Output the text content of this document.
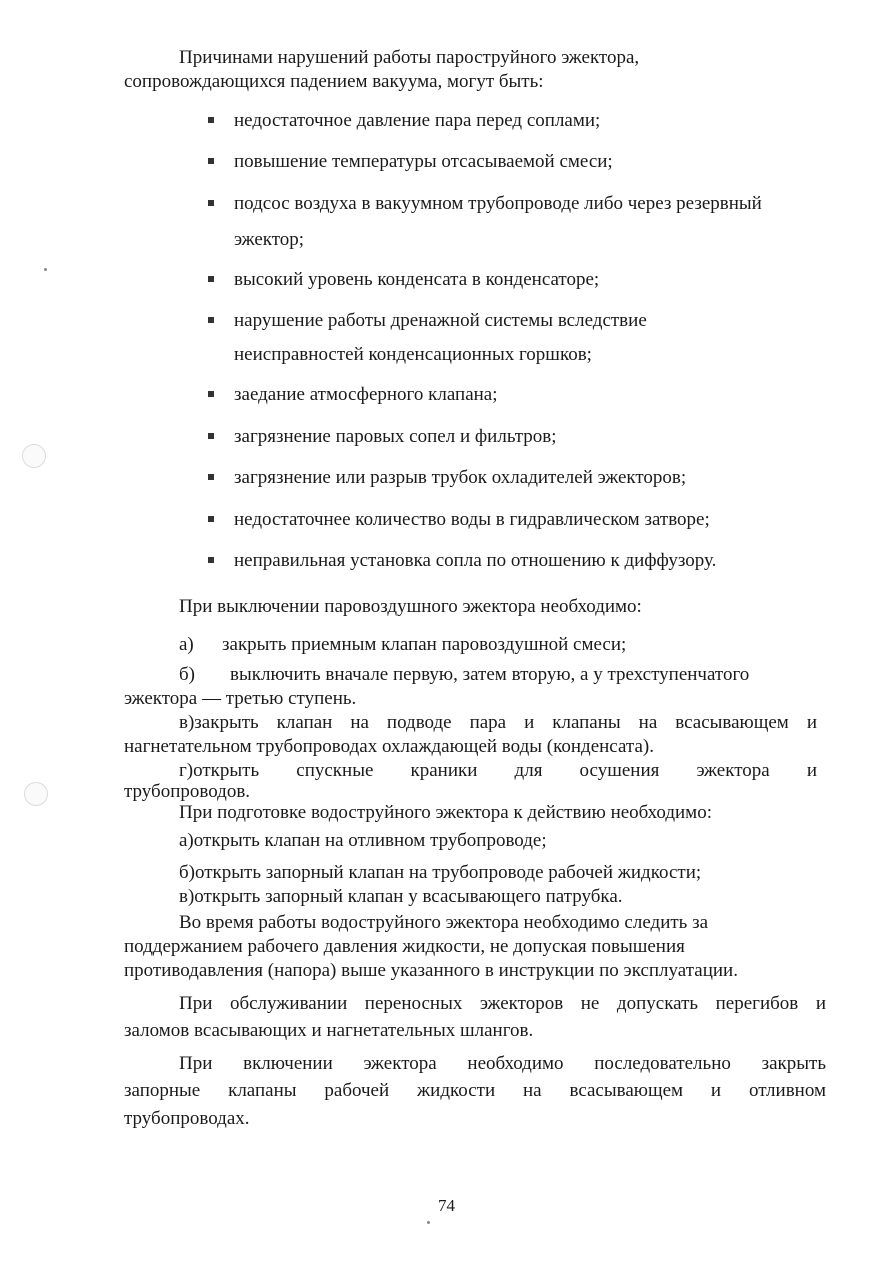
Причинами нарушений работы пароструйного эжектора,

сопровождающихся падением вакуума, могут быть:

недостаточное давление пара перед соплами;

повышение температуры отсасываемой смеси;

подсос воздуха в вакуумном трубопроводе либо через резервный

эжектор;

высокий уровень конденсата в конденсаторе;

нарушение работы дренажной системы вследствие

неисправностей конденсационных горшков;

заедание атмосферного клапана;

загрязнение паровых сопел и фильтров;

загрязнение или разрыв трубок охладителей эжекторов;

недостаточнее количество воды в гидравлическом затворе;

неправильная установка сопла по отношению к диффузору.

При выключении паровоздушного эжектора необходимо:

а) закрыть приемным клапан паровоздушной смеси;

б) выключить вначале первую, затем вторую, а у трехступенчатого

эжектора — третью ступень.

в)закрыть клапан на подводе пара и клапаны на всасывающем и

нагнетательном трубопроводах охлаждающей воды (конденсата).

г)открыть спускные краники для осушения эжектора и

трубопроводов.

При подготовке водоструйного эжектора к действию необходимо:

а)открыть клапан на отливном трубопроводе;

б)открыть запорный клапан на трубопроводе рабочей жидкости;

в)открыть запорный клапан у всасывающего патрубка.

Во время работы водоструйного эжектора необходимо следить за

поддержанием рабочего давления жидкости, не допуская повышения

противодавления (напора) выше указанного в инструкции по эксплуатации.

При обслуживании переносных эжекторов не допускать перегибов и

заломов всасывающих и нагнетательных шлангов.

При включении эжектора необходимо последовательно закрыть

запорные клапаны рабочей жидкости на всасывающем и отливном

трубопроводах.

74
